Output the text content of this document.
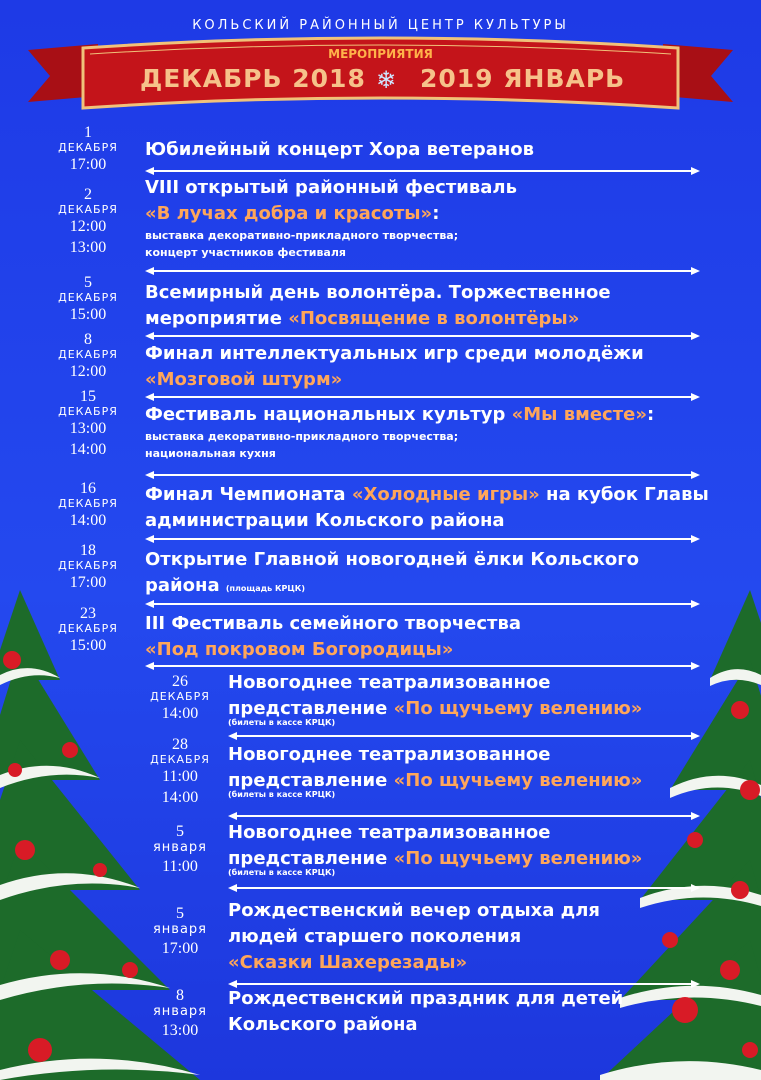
КОЛЬСКИЙ РАЙОННЫЙ ЦЕНТР КУЛЬТУРЫ
МЕРОПРИЯТИЯ
ДЕКАБРЬ 2018 ❄ 2019 ЯНВАРЬ
1
ДЕКАБРЯ
17:00
Юбилейный концерт Хора ветеранов
2
ДЕКАБРЯ
12:00
13:00
VIII открытый районный фестиваль
«В лучах добра и красоты»:
выставка декоративно-прикладного творчества;
концерт участников фестиваля
5
ДЕКАБРЯ
15:00
Всемирный день волонтёра. Торжественное
мероприятие «Посвящение в волонтёры»
8
ДЕКАБРЯ
12:00
Финал интеллектуальных игр среди молодёжи
«Мозговой штурм»
15
ДЕКАБРЯ
13:00
14:00
Фестиваль национальных культур «Мы вместе»:
выставка декоративно-прикладного творчества;
национальная кухня
16
ДЕКАБРЯ
14:00
Финал Чемпионата «Холодные игры» на кубок Главы
администрации Кольского района
18
ДЕКАБРЯ
17:00
Открытие Главной новогодней ёлки Кольского
района (площадь КРЦК)
23
ДЕКАБРЯ
15:00
III Фестиваль семейного творчества
«Под покровом Богородицы»
26
ДЕКАБРЯ
14:00
Новогоднее театрализованное
представление «По щучьему велению»
(билеты в кассе КРЦК)
28
ДЕКАБРЯ
11:00
14:00
Новогоднее театрализованное
представление «По щучьему велению»
(билеты в кассе КРЦК)
5
января
11:00
Новогоднее театрализованное
представление «По щучьему велению»
(билеты в кассе КРЦК)
5
января
17:00
Рождественский вечер отдыха для
людей старшего поколения
«Сказки Шахерезады»
8
января
13:00
Рождественский праздник для детей
Кольского района
